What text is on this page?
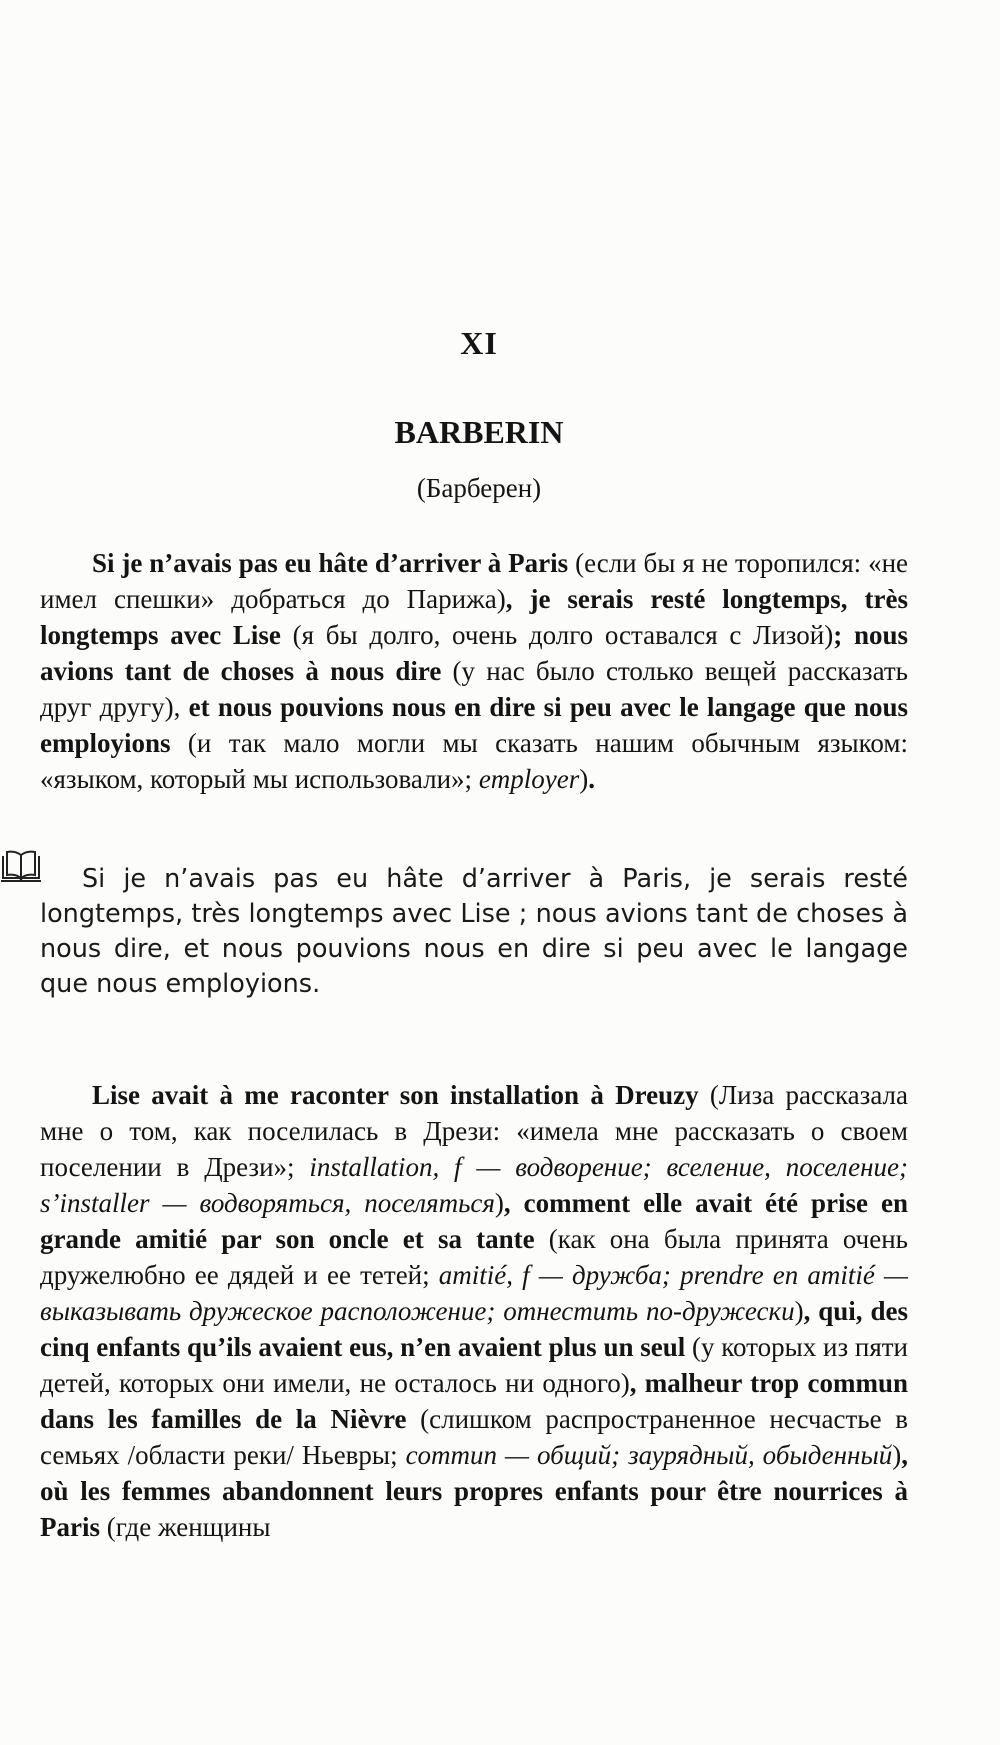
XI
BARBERIN
(Барберен)

Si je n’avais pas eu hâte d’arriver à Paris (если бы я не торопился: «не имел спешки» добраться до Парижа), je serais resté longtemps, très longtemps avec Lise (я бы долго, очень долго оставался с Лизой); nous avions tant de choses à nous dire (у нас было столько вещей рассказать друг другу), et nous pouvions nous en dire si peu avec le langage que nous employions (и так мало могли мы сказать нашим обычным языком: «языком, который мы использовали»; employer).

Si je n’avais pas eu hâte d’arriver à Paris, je serais resté longtemps, très longtemps avec Lise ; nous avions tant de choses à nous dire, et nous pouvions nous en dire si peu avec le langage que nous employions.

Lise avait à me raconter son installation à Dreuzy (Лиза рассказала мне о том, как поселилась в Дрези: «имела мне рассказать о своем поселении в Дрези»; installation, f — водворение; вселение, поселение; s’installer — водворяться, поселяться), comment elle avait été prise en grande amitié par son oncle et sa tante (как она была принята очень дружелюбно ее дядей и ее тетей; amitié, f — дружба; prendre en amitié — выказывать дружеское расположение; отнестить по-дружески), qui, des cinq enfants qu’ils avaient eus, n’en avaient plus un seul (у которых из пяти детей, которых они имели, не осталось ни одного), malheur trop commun dans les familles de la Nièvre (слишком распространенное несчастье в семьях /области реки/ Ньевры; commun — общий; заурядный, обыденный), où les femmes abandonnent leurs propres enfants pour être nourrices à Paris (где женщины
